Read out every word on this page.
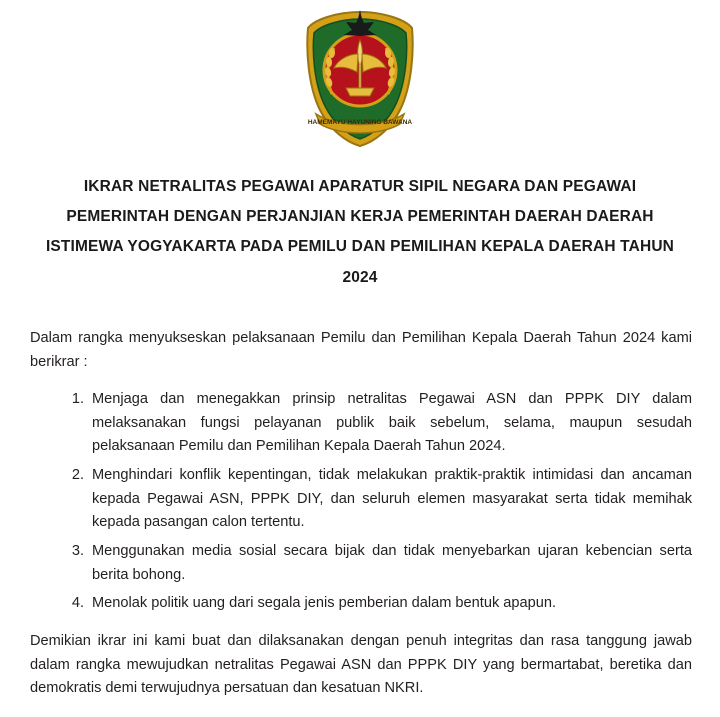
HAMEMAYU HAYUNING BAWANA
IKRAR NETRALITAS PEGAWAI APARATUR SIPIL NEGARA DAN PEGAWAI PEMERINTAH DENGAN PERJANJIAN KERJA PEMERINTAH DAERAH DAERAH ISTIMEWA YOGYAKARTA PADA PEMILU DAN PEMILIHAN KEPALA DAERAH TAHUN 2024

Dalam rangka menyukseskan pelaksanaan Pemilu dan Pemilihan Kepala Daerah Tahun 2024 kami berikrar :

Menjaga dan menegakkan prinsip netralitas Pegawai ASN dan PPPK DIY dalam melaksanakan fungsi pelayanan publik baik sebelum, selama, maupun sesudah pelaksanaan Pemilu dan Pemilihan Kepala Daerah Tahun 2024.
Menghindari konflik kepentingan, tidak melakukan praktik-praktik intimidasi dan ancaman kepada Pegawai ASN, PPPK DIY, dan seluruh elemen masyarakat serta tidak memihak kepada pasangan calon tertentu.
Menggunakan media sosial secara bijak dan tidak menyebarkan ujaran kebencian serta berita bohong.
Menolak politik uang dari segala jenis pemberian dalam bentuk apapun.

Demikian ikrar ini kami buat dan dilaksanakan dengan penuh integritas dan rasa tanggung jawab dalam rangka mewujudkan netralitas Pegawai ASN dan PPPK DIY yang bermartabat, beretika dan demokratis demi terwujudnya persatuan dan kesatuan NKRI.
